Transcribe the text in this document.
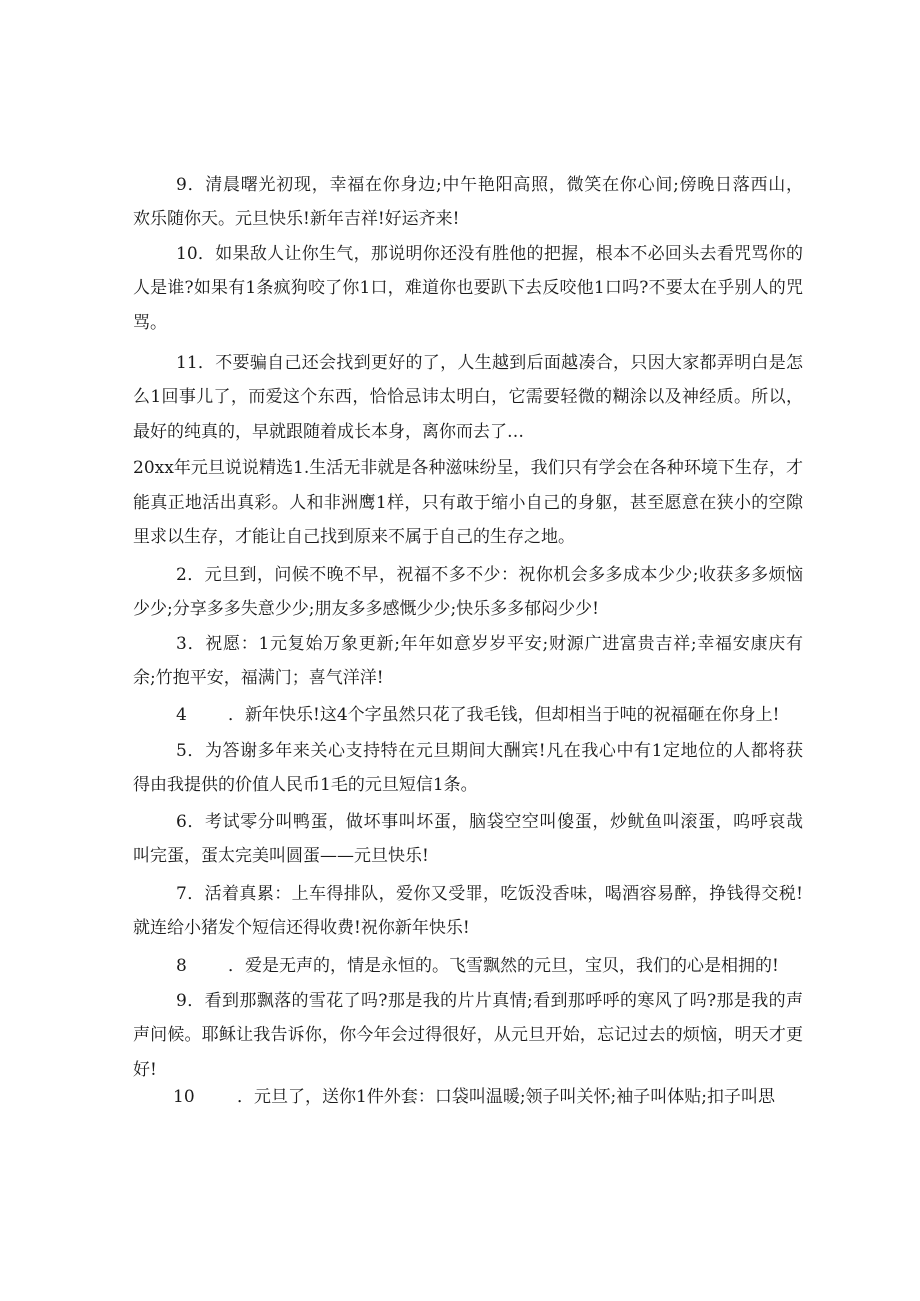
9．清晨曙光初现，幸福在你身边;中午艳阳高照，微笑在你心间;傍晚日落西山，
欢乐随你天。元旦快乐!新年吉祥!好运齐来!
10．如果敌人让你生气，那说明你还没有胜他的把握，根本不必回头去看咒骂你的
人是谁?如果有1条疯狗咬了你1口，难道你也要趴下去反咬他1口吗?不要太在乎别人的咒
骂。
11．不要骗自己还会找到更好的了，人生越到后面越凑合，只因大家都弄明白是怎
么1回事儿了，而爱这个东西，恰恰忌讳太明白，它需要轻微的糊涂以及神经质。所以，
最好的纯真的，早就跟随着成长本身，离你而去了…
20xx年元旦说说精选1.生活无非就是各种滋味纷呈，我们只有学会在各种环境下生存，才
能真正地活出真彩。人和非洲鹰1样，只有敢于缩小自己的身躯，甚至愿意在狭小的空隙
里求以生存，才能让自己找到原来不属于自己的生存之地。
2．元旦到，问候不晚不早，祝福不多不少：祝你机会多多成本少少;收获多多烦恼
少少;分享多多失意少少;朋友多多感慨少少;快乐多多郁闷少少!
3．祝愿：1元复始万象更新;年年如意岁岁平安;财源广进富贵吉祥;幸福安康庆有
余;竹抱平安，福满门；喜气洋洋!
4 ．新年快乐!这4个字虽然只花了我毛钱，但却相当于吨的祝福砸在你身上!
5．为答谢多年来关心支持特在元旦期间大酬宾!凡在我心中有1定地位的人都将获
得由我提供的价值人民币1毛的元旦短信1条。
6．考试零分叫鸭蛋，做坏事叫坏蛋，脑袋空空叫傻蛋，炒鱿鱼叫滚蛋，呜呼哀哉
叫完蛋，蛋太完美叫圆蛋——元旦快乐!
7．活着真累：上车得排队，爱你又受罪，吃饭没香味，喝酒容易醉，挣钱得交税!
就连给小猪发个短信还得收费!祝你新年快乐!
8 ．爱是无声的，情是永恒的。飞雪飘然的元旦，宝贝，我们的心是相拥的!
9．看到那飘落的雪花了吗?那是我的片片真情;看到那呼呼的寒风了吗?那是我的声
声问候。耶稣让我告诉你，你今年会过得很好，从元旦开始，忘记过去的烦恼，明天才更
好!
10 ．元旦了，送你1件外套：口袋叫温暖;领子叫关怀;袖子叫体贴;扣子叫思
